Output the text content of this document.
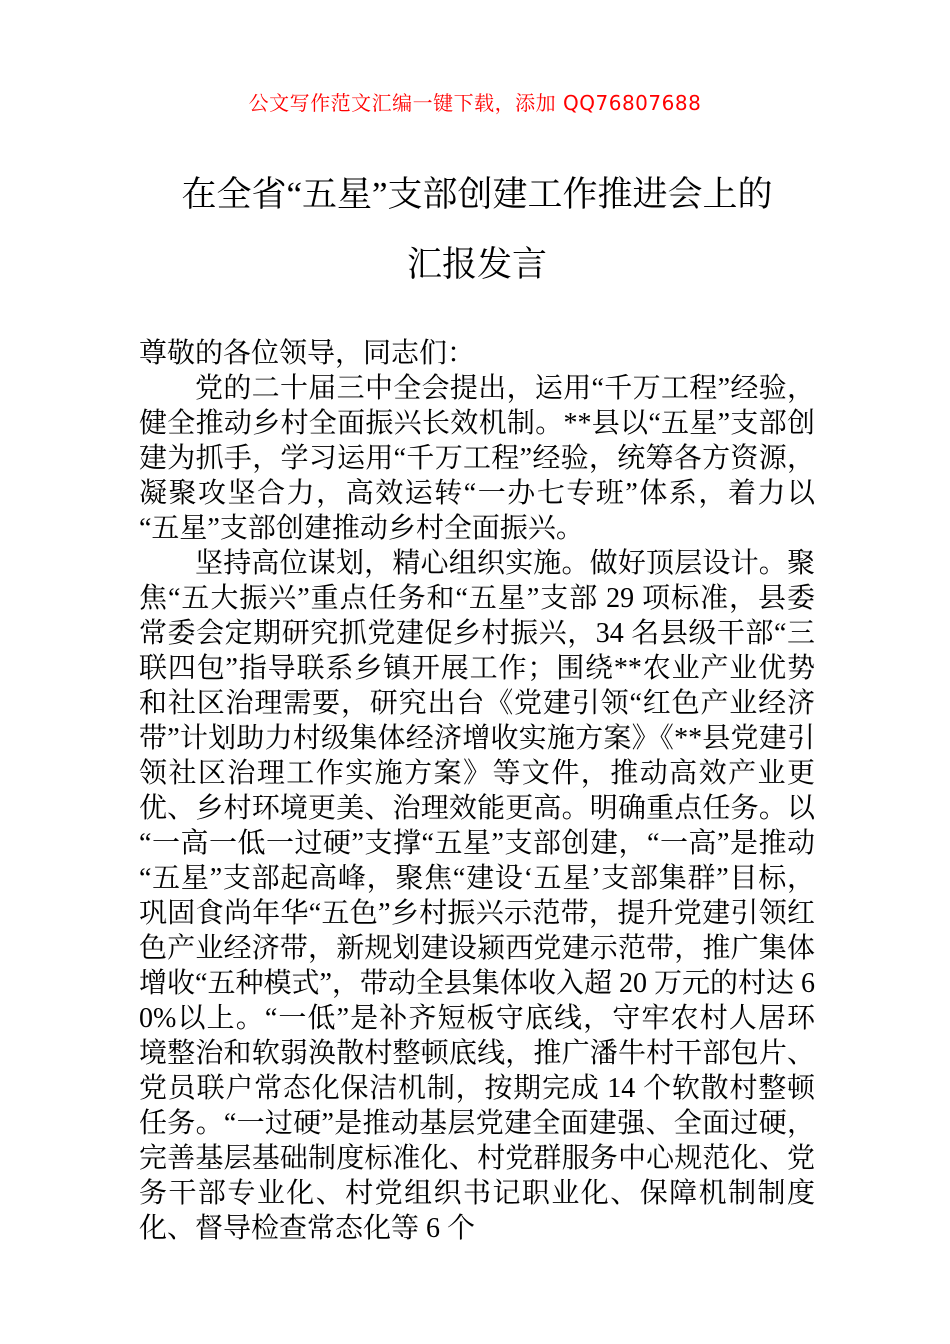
公文写作范文汇编一键下载，添加 QQ76807688
在全省“五星”支部创建工作推进会上的
汇报发言

尊敬的各位领导，同志们：

党的二十届三中全会提出，运用“千万工程”经验，健全推动乡村全面振兴长效机制。**县以“五星”支部创建为抓手，学习运用“千万工程”经验，统筹各方资源，凝聚攻坚合力，高效运转“一办七专班”体系，着力以“五星”支部创建推动乡村全面振兴。

坚持高位谋划，精心组织实施。做好顶层设计。聚焦“五大振兴”重点任务和“五星”支部 29 项标准，县委常委会定期研究抓党建促乡村振兴，34 名县级干部“三联四包”指导联系乡镇开展工作；围绕**农业产业优势和社区治理需要，研究出台《党建引领“红色产业经济带”计划助力村级集体经济增收实施方案》《**县党建引领社区治理工作实施方案》等文件，推动高效产业更优、乡村环境更美、治理效能更高。明确重点任务。以“一高一低一过硬”支撑“五星”支部创建，“一高”是推动“五星”支部起高峰，聚焦“建设‘五星’支部集群”目标，巩固食尚年华“五色”乡村振兴示范带，提升党建引领红色产业经济带，新规划建设颍西党建示范带，推广集体增收“五种模式”，带动全县集体收入超 20 万元的村达 60%以上。“一低”是补齐短板守底线，守牢农村人居环境整治和软弱涣散村整顿底线，推广潘牛村干部包片、党员联户常态化保洁机制，按期完成 14 个软散村整顿任务。“一过硬”是推动基层党建全面建强、全面过硬，完善基层基础制度标准化、村党群服务中心规范化、党务干部专业化、村党组织书记职业化、保障机制制度化、督导检查常态化等 6 个
